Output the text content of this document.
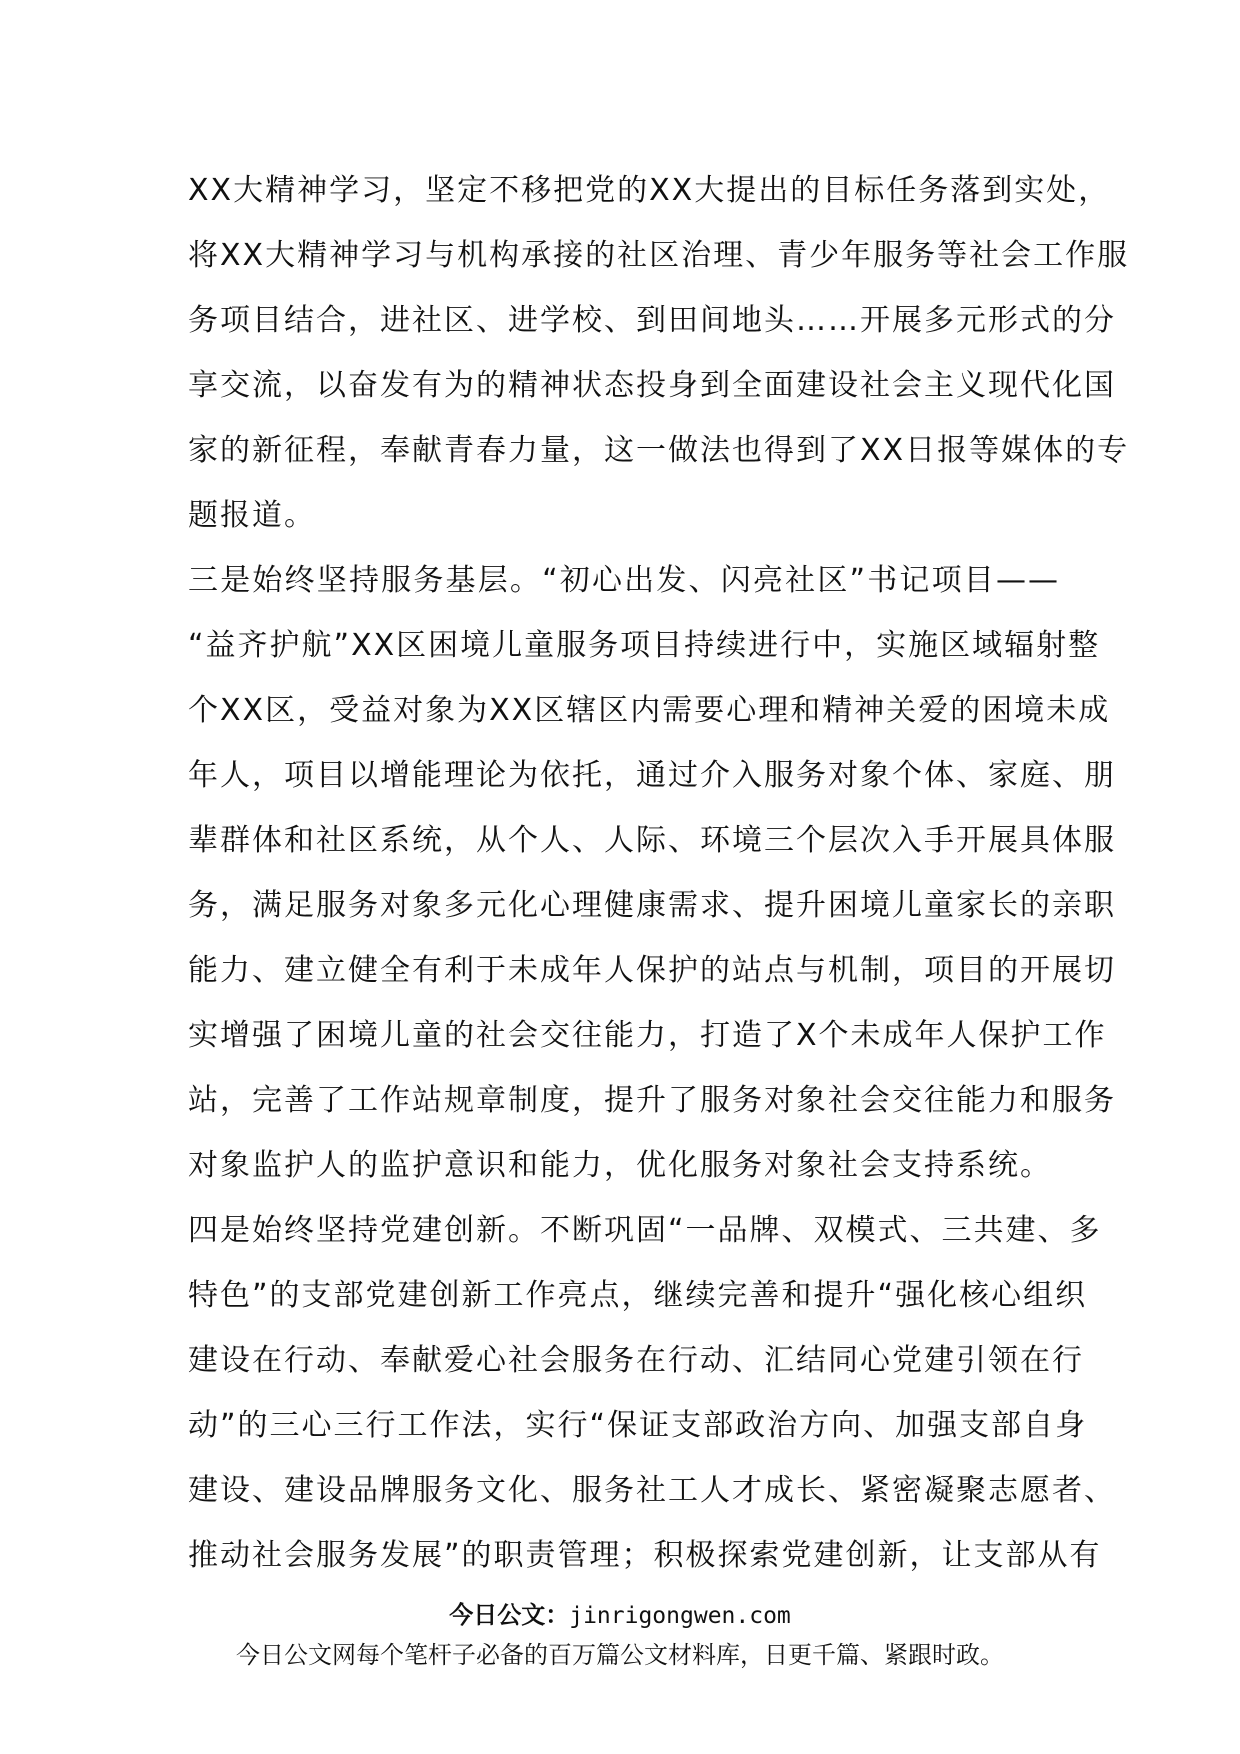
XX大精神学习，坚定不移把党的XX大提出的目标任务落到实处，
将XX大精神学习与机构承接的社区治理、青少年服务等社会工作服
务项目结合，进社区、进学校、到田间地头……开展多元形式的分
享交流，以奋发有为的精神状态投身到全面建设社会主义现代化国
家的新征程，奉献青春力量，这一做法也得到了XX日报等媒体的专
题报道。
三是始终坚持服务基层。“初心出发、闪亮社区”书记项目——
“益齐护航”XX区困境儿童服务项目持续进行中，实施区域辐射整
个XX区，受益对象为XX区辖区内需要心理和精神关爱的困境未成
年人，项目以增能理论为依托，通过介入服务对象个体、家庭、朋
辈群体和社区系统，从个人、人际、环境三个层次入手开展具体服
务，满足服务对象多元化心理健康需求、提升困境儿童家长的亲职
能力、建立健全有利于未成年人保护的站点与机制，项目的开展切
实增强了困境儿童的社会交往能力，打造了X个未成年人保护工作
站，完善了工作站规章制度，提升了服务对象社会交往能力和服务
对象监护人的监护意识和能力，优化服务对象社会支持系统。
四是始终坚持党建创新。不断巩固“一品牌、双模式、三共建、多
特色”的支部党建创新工作亮点，继续完善和提升“强化核心组织
建设在行动、奉献爱心社会服务在行动、汇结同心党建引领在行
动”的三心三行工作法，实行“保证支部政治方向、加强支部自身
建设、建设品牌服务文化、服务社工人才成长、紧密凝聚志愿者、
推动社会服务发展”的职责管理；积极探索党建创新，让支部从有
今日公文：jinrigongwen.com
今日公文网每个笔杆子必备的百万篇公文材料库，日更千篇、紧跟时政。
